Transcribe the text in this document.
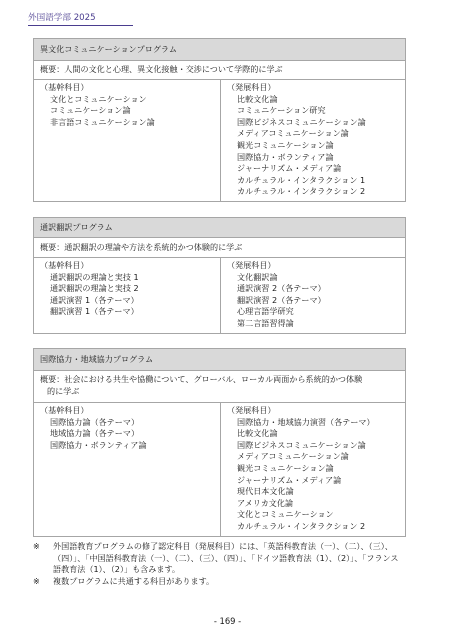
外国語学部 2025
異文化コミュニケーションプログラム
概要：人間の文化と心理、異文化接触・交渉について学際的に学ぶ
（基幹科目）
文化とコミュニケーション
コミュニケーション論
非言語コミュニケーション論
（発展科目）
比較文化論
コミュニケーション研究
国際ビジネスコミュニケーション論
メディアコミュニケーション論
観光コミュニケーション論
国際協力・ボランティア論
ジャーナリズム・メディア論
カルチュラル・インタラクション 1
カルチュラル・インタラクション 2
通訳翻訳プログラム
概要：通訳翻訳の理論や方法を系統的かつ体験的に学ぶ
（基幹科目）
通訳翻訳の理論と実技 1
通訳翻訳の理論と実技 2
通訳演習 1（各テーマ）
翻訳演習 1（各テーマ）
（発展科目）
文化翻訳論
通訳演習 2（各テーマ）
翻訳演習 2（各テーマ）
心理言語学研究
第二言語習得論
国際協力・地域協力プログラム
概要：社会における共生や協働について、グローバル、ローカル両面から系統的かつ体験
的に学ぶ
（基幹科目）
国際協力論（各テーマ）
地域協力論（各テーマ）
国際協力・ボランティア論
（発展科目）
国際協力・地域協力演習（各テーマ）
比較文化論
国際ビジネスコミュニケーション論
メディアコミュニケーション論
観光コミュニケーション論
ジャーナリズム・メディア論
現代日本文化論
アメリカ文化論
文化とコミュニケーション
カルチュラル・インタラクション 2
※	外国語教育プログラムの修了認定科目（発展科目）には、「英語科教育法（一）、（二）、（三）、
（四）」、「中国語科教育法（一）、（二）、（三）、（四）」、「ドイツ語教育法（1）、（2）」、「フランス
語教育法（1）、（2）」も含みます。
※	複数プログラムに共通する科目があります。
- 169 -
